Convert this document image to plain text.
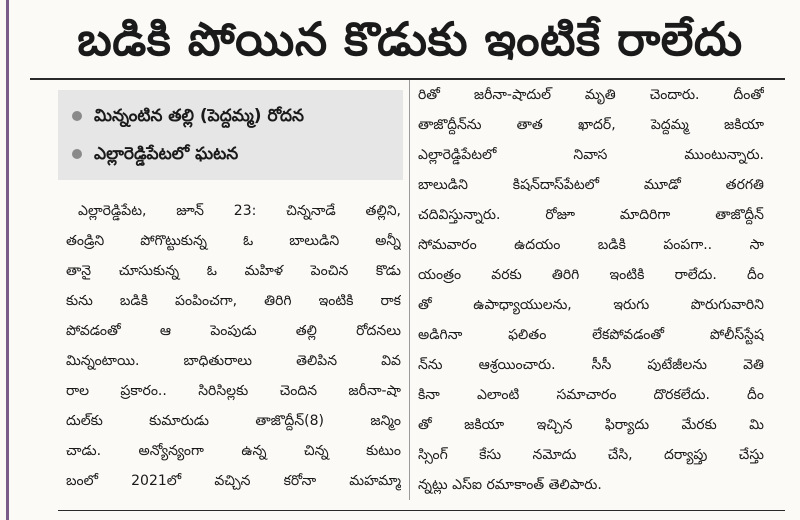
బడికి పోయిన కొడుకు ఇంటికే రాలేదు
మిన్నంటిన తల్లి (పెద్దమ్మ) రోదన
ఎల్లారెడ్డిపేటలో ఘటన
ఎల్లారెడ్డిపేట, జూన్ 23: చిన్ననాడే తల్లిని,
తండ్రిని పోగొట్టుకున్న ఓ బాలుడిని అన్నీ
తానై చూసుకున్న ఓ మహిళ పెంచిన కొడు
కును బడికి పంపించగా, తిరిగి ఇంటికి రాక
పోవడంతో ఆ పెంపుడు తల్లి రోదనలు
మిన్నంటాయి. బాధితురాలు తెలిపిన వివ
రాల ప్రకారం.. సిరిసిల్లకు చెందిన జరీనా-షా
దుల్‌కు కుమారుడు తాజొద్దీన్(8) జన్మిం
చాడు. అన్యోన్యంగా ఉన్న చిన్న కుటుం
బంలో 2021లో వచ్చిన కరోనా మహమ్మా
రితో జరీనా-షాదుల్ మృతి చెందారు. దీంతో
తాజొద్దీన్‌ను తాత ఖాదర్, పెద్దమ్మ జకియా
ఎల్లారెడ్డిపేటలో నివాస ముంటున్నారు.
బాలుడిని కిషన్‌దాస్‌పేటలో మూడో తరగతి
చదివిస్తున్నారు. రోజూ మాదిరిగా తాజొద్దీన్
సోమవారం ఉదయం బడికి పంపగా.. సా
యంత్రం వరకు తిరిగి ఇంటికి రాలేదు. దీం
తో ఉపాధ్యాయులను, ఇరుగు పొరుగువారిని
అడిగినా ఫలితం లేకపోవడంతో పోలీస్‌స్టేష
న్‌ను ఆశ్రయించారు. సీసీ పుటేజీలను వెతి
కినా ఎలాంటి సమాచారం దొరకలేదు. దీం
తో జకియా ఇచ్చిన ఫిర్యాదు మేరకు మి
స్సింగ్ కేసు నమోదు చేసి, దర్యాప్తు చేస్తు
న్నట్లు ఎస్ఐ రమాకాంత్ తెలిపారు.
